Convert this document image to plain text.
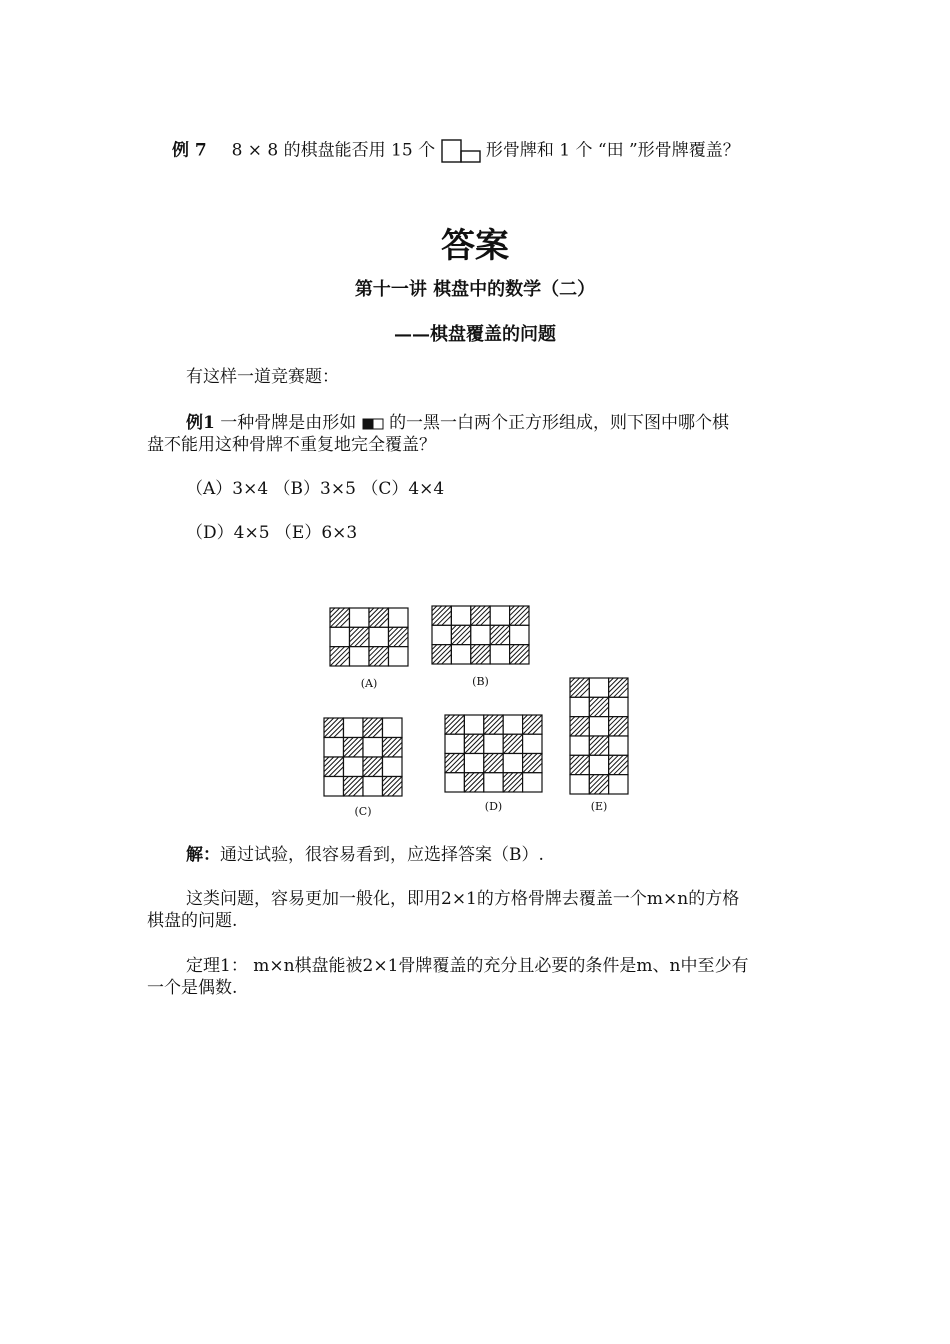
例 7 8 × 8 的棋盘能否用 15 个	形骨牌和 1 个 “田 ”形骨牌覆盖？
答案
第十一讲 棋盘中的数学（二）
——棋盘覆盖的问题
有这样一道竞赛题：
例1 一种骨牌是由形如 的一黑一白两个正方形组成，则下图中哪个棋
盘不能用这种骨牌不重复地完全覆盖？
（A）3×4 （B）3×5 （C）4×4
（D）4×5 （E）6×3
(A)	(B)
(C)	(D)	(E)
解：通过试验，很容易看到，应选择答案（B）.
这类问题，容易更加一般化，即用2×1的方格骨牌去覆盖一个m×n的方格
棋盘的问题.
定理1： m×n棋盘能被2×1骨牌覆盖的充分且必要的条件是m、n中至少有
一个是偶数.
